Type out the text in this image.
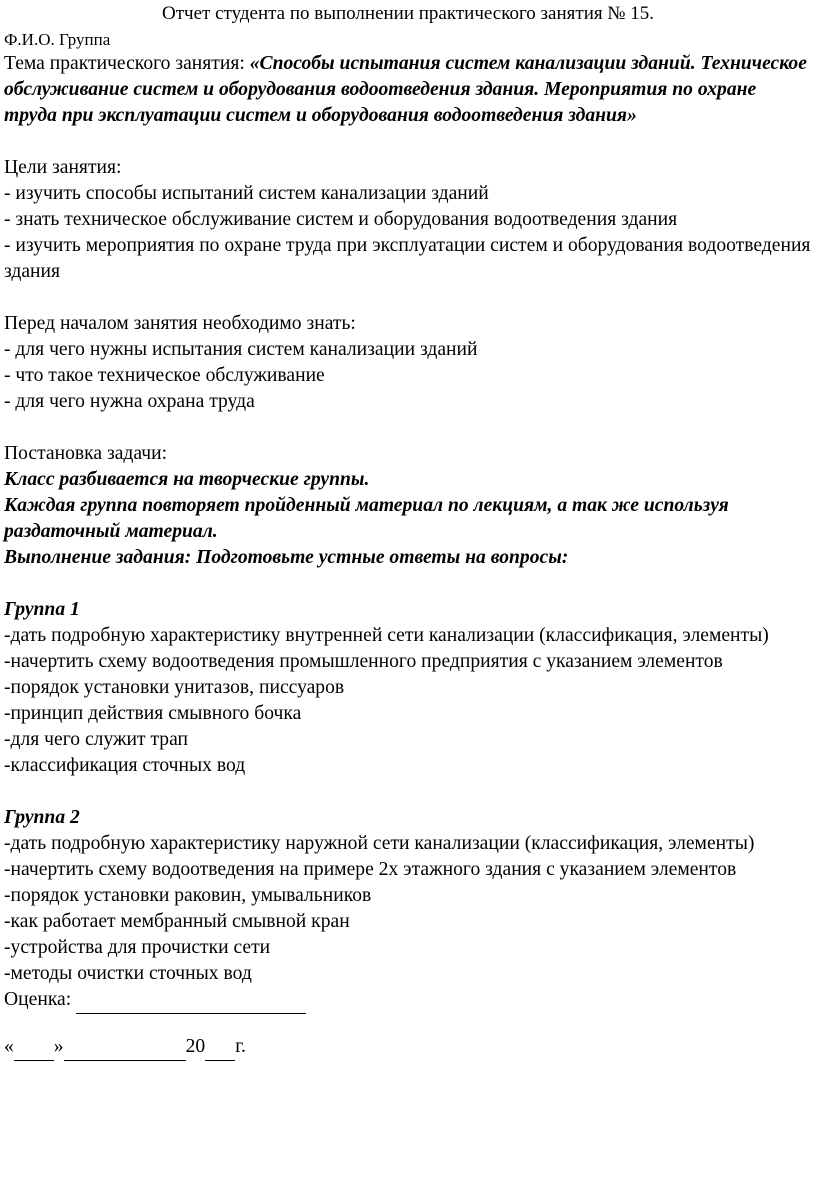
Отчет студента по выполнении практического занятия № 15.

Ф.И.О. Группа

Тема практического занятия: «Способы испытания систем канализации зданий. Техническое обслуживание систем и оборудования водоотведения здания. Мероприятия по охране труда при эксплуатации систем и оборудования водоотведения здания»

Цели занятия:

- изучить способы испытаний систем канализации зданий

- знать техническое обслуживание систем и оборудования водоотведения здания

- изучить мероприятия по охране труда при эксплуатации систем и оборудования водоотведения здания

Перед началом занятия необходимо знать:

- для чего нужны испытания систем канализации зданий

- что такое техническое обслуживание

- для чего нужна охрана труда

Постановка задачи:

Класс разбивается на творческие группы.

Каждая группа повторяет пройденный материал по лекциям, а так же используя раздаточный материал.

Выполнение задания: Подготовьте устные ответы на вопросы:

Группа 1

-дать подробную характеристику внутренней сети канализации (классификация, элементы)

-начертить схему водоотведения промышленного предприятия с указанием элементов

-порядок установки унитазов, писсуаров

-принцип действия смывного бочка

-для чего служит трап

-классификация сточных вод

Группа 2

-дать подробную характеристику наружной сети канализации (классификация, элементы)

-начертить схему водоотведения на примере 2х этажного здания с указанием элементов

-порядок установки раковин, умывальников

-как работает мембранный смывной кран

-устройства для прочистки сети

-методы очистки сточных вод

Оценка:

« »	20 г.
